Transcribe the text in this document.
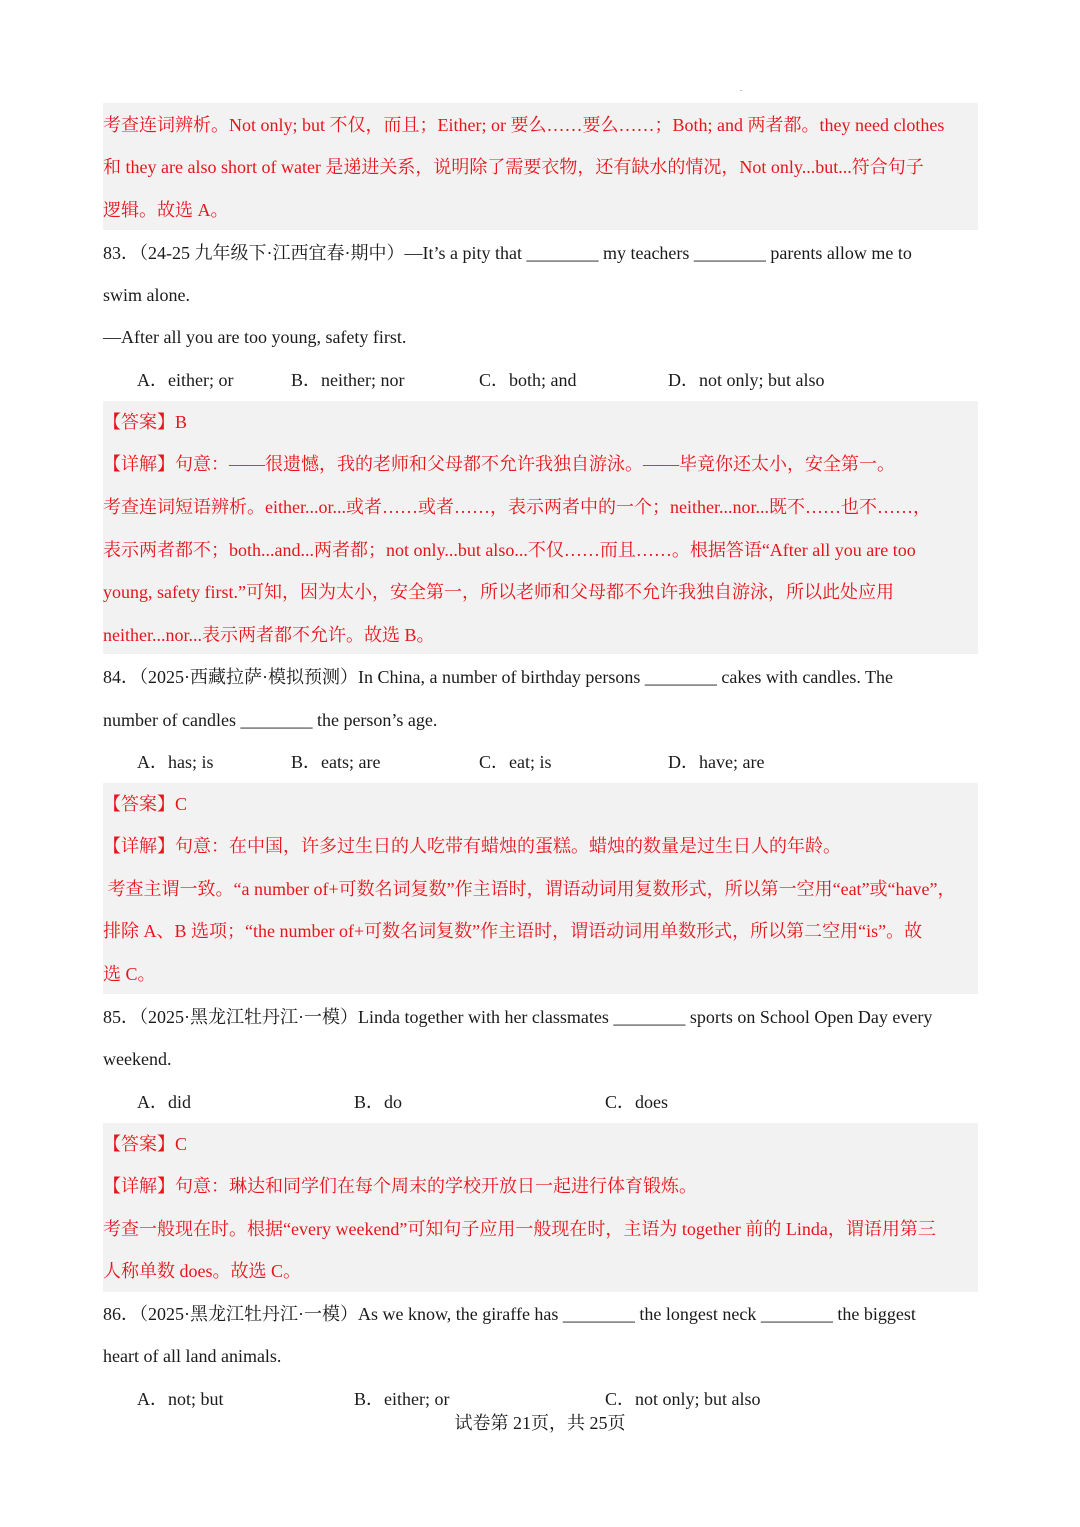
考查连词辨析。Not only; but 不仅，而且；Either; or 要么……要么……；Both; and 两者都。they need clothes
和 they are also short of water 是递进关系，说明除了需要衣物，还有缺水的情况，Not only...but...符合句子
逻辑。故选 A。
83．（24-25 九年级下·江西宜春·期中）—It’s a pity that ________ my teachers ________ parents allow me to
swim alone.
—After all you are too young, safety first.
A．either; or	B．neither; nor	C．both; and	D．not only; but also
【答案】B
【详解】句意：——很遗憾，我的老师和父母都不允许我独自游泳。——毕竟你还太小，安全第一。
考查连词短语辨析。either...or...或者……或者……，表示两者中的一个；neither...nor...既不……也不……，
表示两者都不；both...and...两者都；not only...but also...不仅……而且……。根据答语“After all you are too
young, safety first.”可知，因为太小，安全第一，所以老师和父母都不允许我独自游泳，所以此处应用
neither...nor...表示两者都不允许。故选 B。
84．（2025·西藏拉萨·模拟预测）In China, a number of birthday persons ________ cakes with candles. The
number of candles ________ the person’s age.
A．has; is	B．eats; are	C．eat; is	D．have; are
【答案】C
【详解】句意：在中国，许多过生日的人吃带有蜡烛的蛋糕。蜡烛的数量是过生日人的年龄。
考查主谓一致。“a number of+可数名词复数”作主语时，谓语动词用复数形式，所以第一空用“eat”或“have”，
排除 A、B 选项；“the number of+可数名词复数”作主语时，谓语动词用单数形式，所以第二空用“is”。故
选 C。
85．（2025·黑龙江牡丹江·一模）Linda together with her classmates ________ sports on School Open Day every
weekend.
A．did	B．do	C．does
【答案】C
【详解】句意：琳达和同学们在每个周末的学校开放日一起进行体育锻炼。
考查一般现在时。根据“every weekend”可知句子应用一般现在时，主语为 together 前的 Linda，谓语用第三
人称单数 does。故选 C。
86．（2025·黑龙江牡丹江·一模）As we know, the giraffe has ________ the longest neck ________ the biggest
heart of all land animals.
A．not; but	B．either; or	C．not only; but also
试卷第 21页，共 25页
